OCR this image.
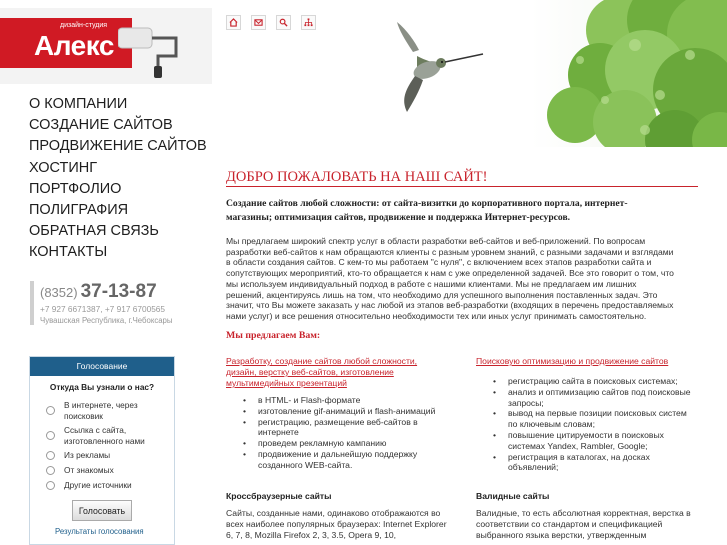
дизайн-студия
Алекс
О КОМПАНИИ
СОЗДАНИЕ САЙТОВ
ПРОДВИЖЕНИЕ САЙТОВ
ХОСТИНГ
ПОРТФОЛИО
ПОЛИГРАФИЯ
ОБРАТНАЯ СВЯЗЬ
КОНТАКТЫ
(8352) 37-13-87
+7 927 6671387, +7 917 6700565
Чувашская Республика, г.Чебоксары
Голосование
Откуда Вы узнали о нас?
В интернете, через
поисковик
Ссылка с сайта,
изготовленного нами
Из рекламы
От знакомых
Другие источники
Голосовать
Результаты голосования
ДОБРО ПОЖАЛОВАТЬ НА НАШ САЙТ!
Создание сайтов любой сложности: от сайта-визитки до корпоративного портала, интернет-магазины; оптимизация сайтов, продвижение и поддержка Интернет-ресурсов.
Мы предлагаем широкий спектр услуг в области разработки веб-сайтов и веб-приложений. По вопросам разработки веб-сайтов к нам обращаются клиенты с разным уровнем знаний, с разными задачами и взглядами в области создания сайтов. С кем-то мы работаем "с нуля", с включением всех этапов разработки сайта и сопутствующих мероприятий, кто-то обращается к нам с уже определенной задачей. Все это говорит о том, что мы используем индивидуальный подход в работе с нашими клиентами. Мы не предлагаем им лишних решений, акцентируясь лишь на том, что необходимо для успешного выполнения поставленных задач. Это значит, что Вы можете заказать у нас любой из этапов веб-разработки (входящих в перечень предоставляемых нами услуг) и все решения относительно необходимости тех или иных услуг принимать самостоятельно.
Мы предлагаем Вам:
Разработку, создание сайтов любой сложности, дизайн, верстку веб-сайтов, изготовление мультимедийных презентаций
• в HTML- и Flash-формате
• изготовление gif-анимаций и flash-анимаций
• регистрацию, размещение веб-сайтов в интернете
• проведем рекламную кампанию
• продвижение и дальнейшую поддержку созданного WEB-сайта.
Поисковую оптимизацию и продвижение сайтов
• регистрацию сайта в поисковых системах;
• анализ и оптимизацию сайтов под поисковые запросы;
• вывод на первые позиции поисковых систем по ключевым словам;
• повышение цитируемости в поисковых системах Yandex, Rambler, Google;
• регистрация в каталогах, на досках объявлений;
Кроссбраузерные сайты
Сайты, созданные нами, одинаково отображаются во всех наиболее популярных браузерах: Internet Explorer 6, 7, 8, Mozilla Firefox 2, 3, 3.5, Opera 9, 10,
Валидные сайты
Валидные, то есть абсолютная корректная, верстка в соответствии со стандартом и спецификацией выбранного языка верстки, утвержденным
